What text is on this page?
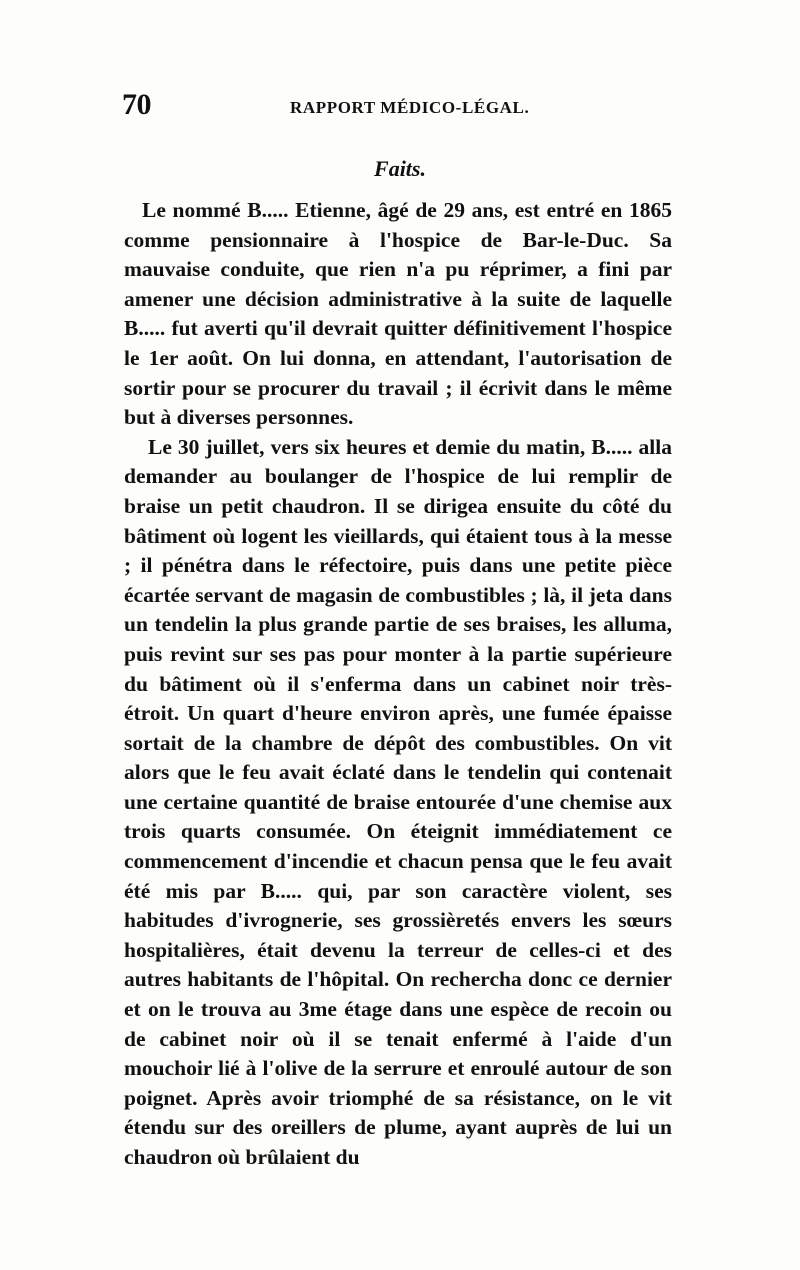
70	RAPPORT MÉDICO-LÉGAL.
Faits.

Le nommé B..... Etienne, âgé de 29 ans, est entré en 1865 comme pensionnaire à l'hospice de Bar-le-Duc. Sa mauvaise conduite, que rien n'a pu réprimer, a fini par amener une décision administrative à la suite de laquelle B..... fut averti qu'il devrait quitter définitivement l'hospice le 1er août. On lui donna, en attendant, l'autorisation de sortir pour se procurer du travail ; il écrivit dans le même but à diverses personnes.

Le 30 juillet, vers six heures et demie du matin, B..... alla demander au boulanger de l'hospice de lui remplir de braise un petit chaudron. Il se dirigea ensuite du côté du bâtiment où logent les vieillards, qui étaient tous à la messe ; il pénétra dans le réfectoire, puis dans une petite pièce écartée servant de magasin de combustibles ; là, il jeta dans un tendelin la plus grande partie de ses braises, les alluma, puis revint sur ses pas pour monter à la partie supérieure du bâtiment où il s'enferma dans un cabinet noir très-étroit. Un quart d'heure environ après, une fumée épaisse sortait de la chambre de dépôt des combustibles. On vit alors que le feu avait éclaté dans le tendelin qui contenait une certaine quantité de braise entourée d'une chemise aux trois quarts consumée. On éteignit immédiatement ce commencement d'incendie et chacun pensa que le feu avait été mis par B..... qui, par son caractère violent, ses habitudes d'ivrognerie, ses grossièretés envers les sœurs hospitalières, était devenu la terreur de celles-ci et des autres habitants de l'hôpital. On rechercha donc ce dernier et on le trouva au 3me étage dans une espèce de recoin ou de cabinet noir où il se tenait enfermé à l'aide d'un mouchoir lié à l'olive de la serrure et enroulé autour de son poignet. Après avoir triomphé de sa résistance, on le vit étendu sur des oreillers de plume, ayant auprès de lui un chaudron où brûlaient du
